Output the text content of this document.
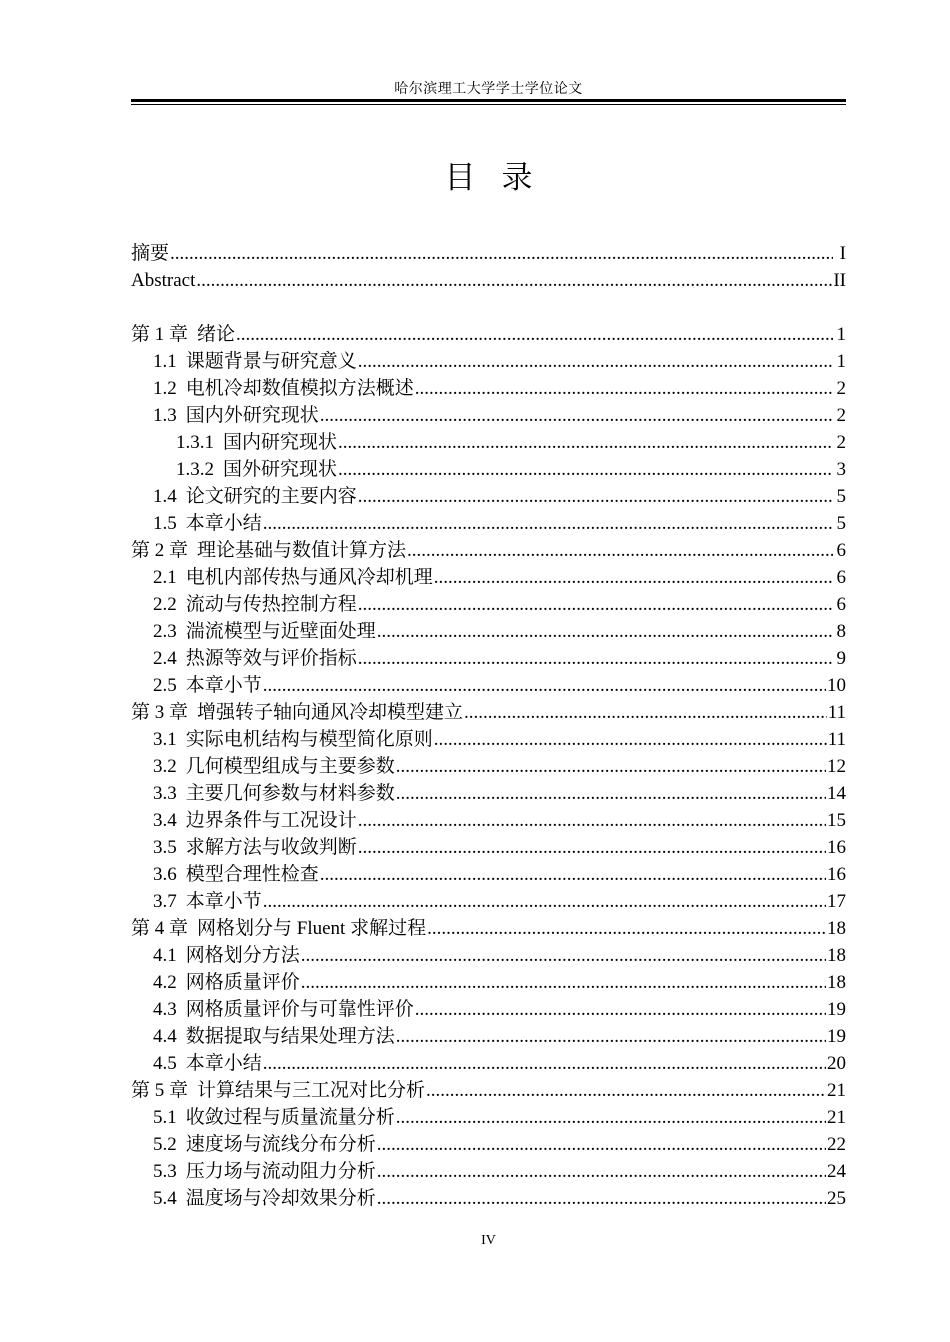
哈尔滨理工大学学士学位论文
目录
摘要 .....	I
Abstract .....	II
第 1 章 绪论 .....	1
1.1 课题背景与研究意义 .....	1
1.2 电机冷却数值模拟方法概述 .....	2
1.3 国内外研究现状 .....	2
1.3.1 国内研究现状 .....	2
1.3.2 国外研究现状 .....	3
1.4 论文研究的主要内容 .....	5
1.5 本章小结 .....	5
第 2 章 理论基础与数值计算方法 .....	6
2.1 电机内部传热与通风冷却机理 .....	6
2.2 流动与传热控制方程 .....	6
2.3 湍流模型与近壁面处理 .....	8
2.4 热源等效与评价指标 .....	9
2.5 本章小节 .....	10
第 3 章 增强转子轴向通风冷却模型建立 .....	11
3.1 实际电机结构与模型简化原则 .....	11
3.2 几何模型组成与主要参数 .....	12
3.3 主要几何参数与材料参数 .....	14
3.4 边界条件与工况设计 .....	15
3.5 求解方法与收敛判断 .....	16
3.6 模型合理性检查 .....	16
3.7 本章小节 .....	17
第 4 章 网格划分与 Fluent 求解过程 .....	18
4.1 网格划分方法 .....	18
4.2 网格质量评价 .....	18
4.3 网格质量评价与可靠性评价 .....	19
4.4 数据提取与结果处理方法 .....	19
4.5 本章小结 .....	20
第 5 章 计算结果与三工况对比分析 .....	21
5.1 收敛过程与质量流量分析 .....	21
5.2 速度场与流线分布分析 .....	22
5.3 压力场与流动阻力分析 .....	24
5.4 温度场与冷却效果分析 .....	25
IV
